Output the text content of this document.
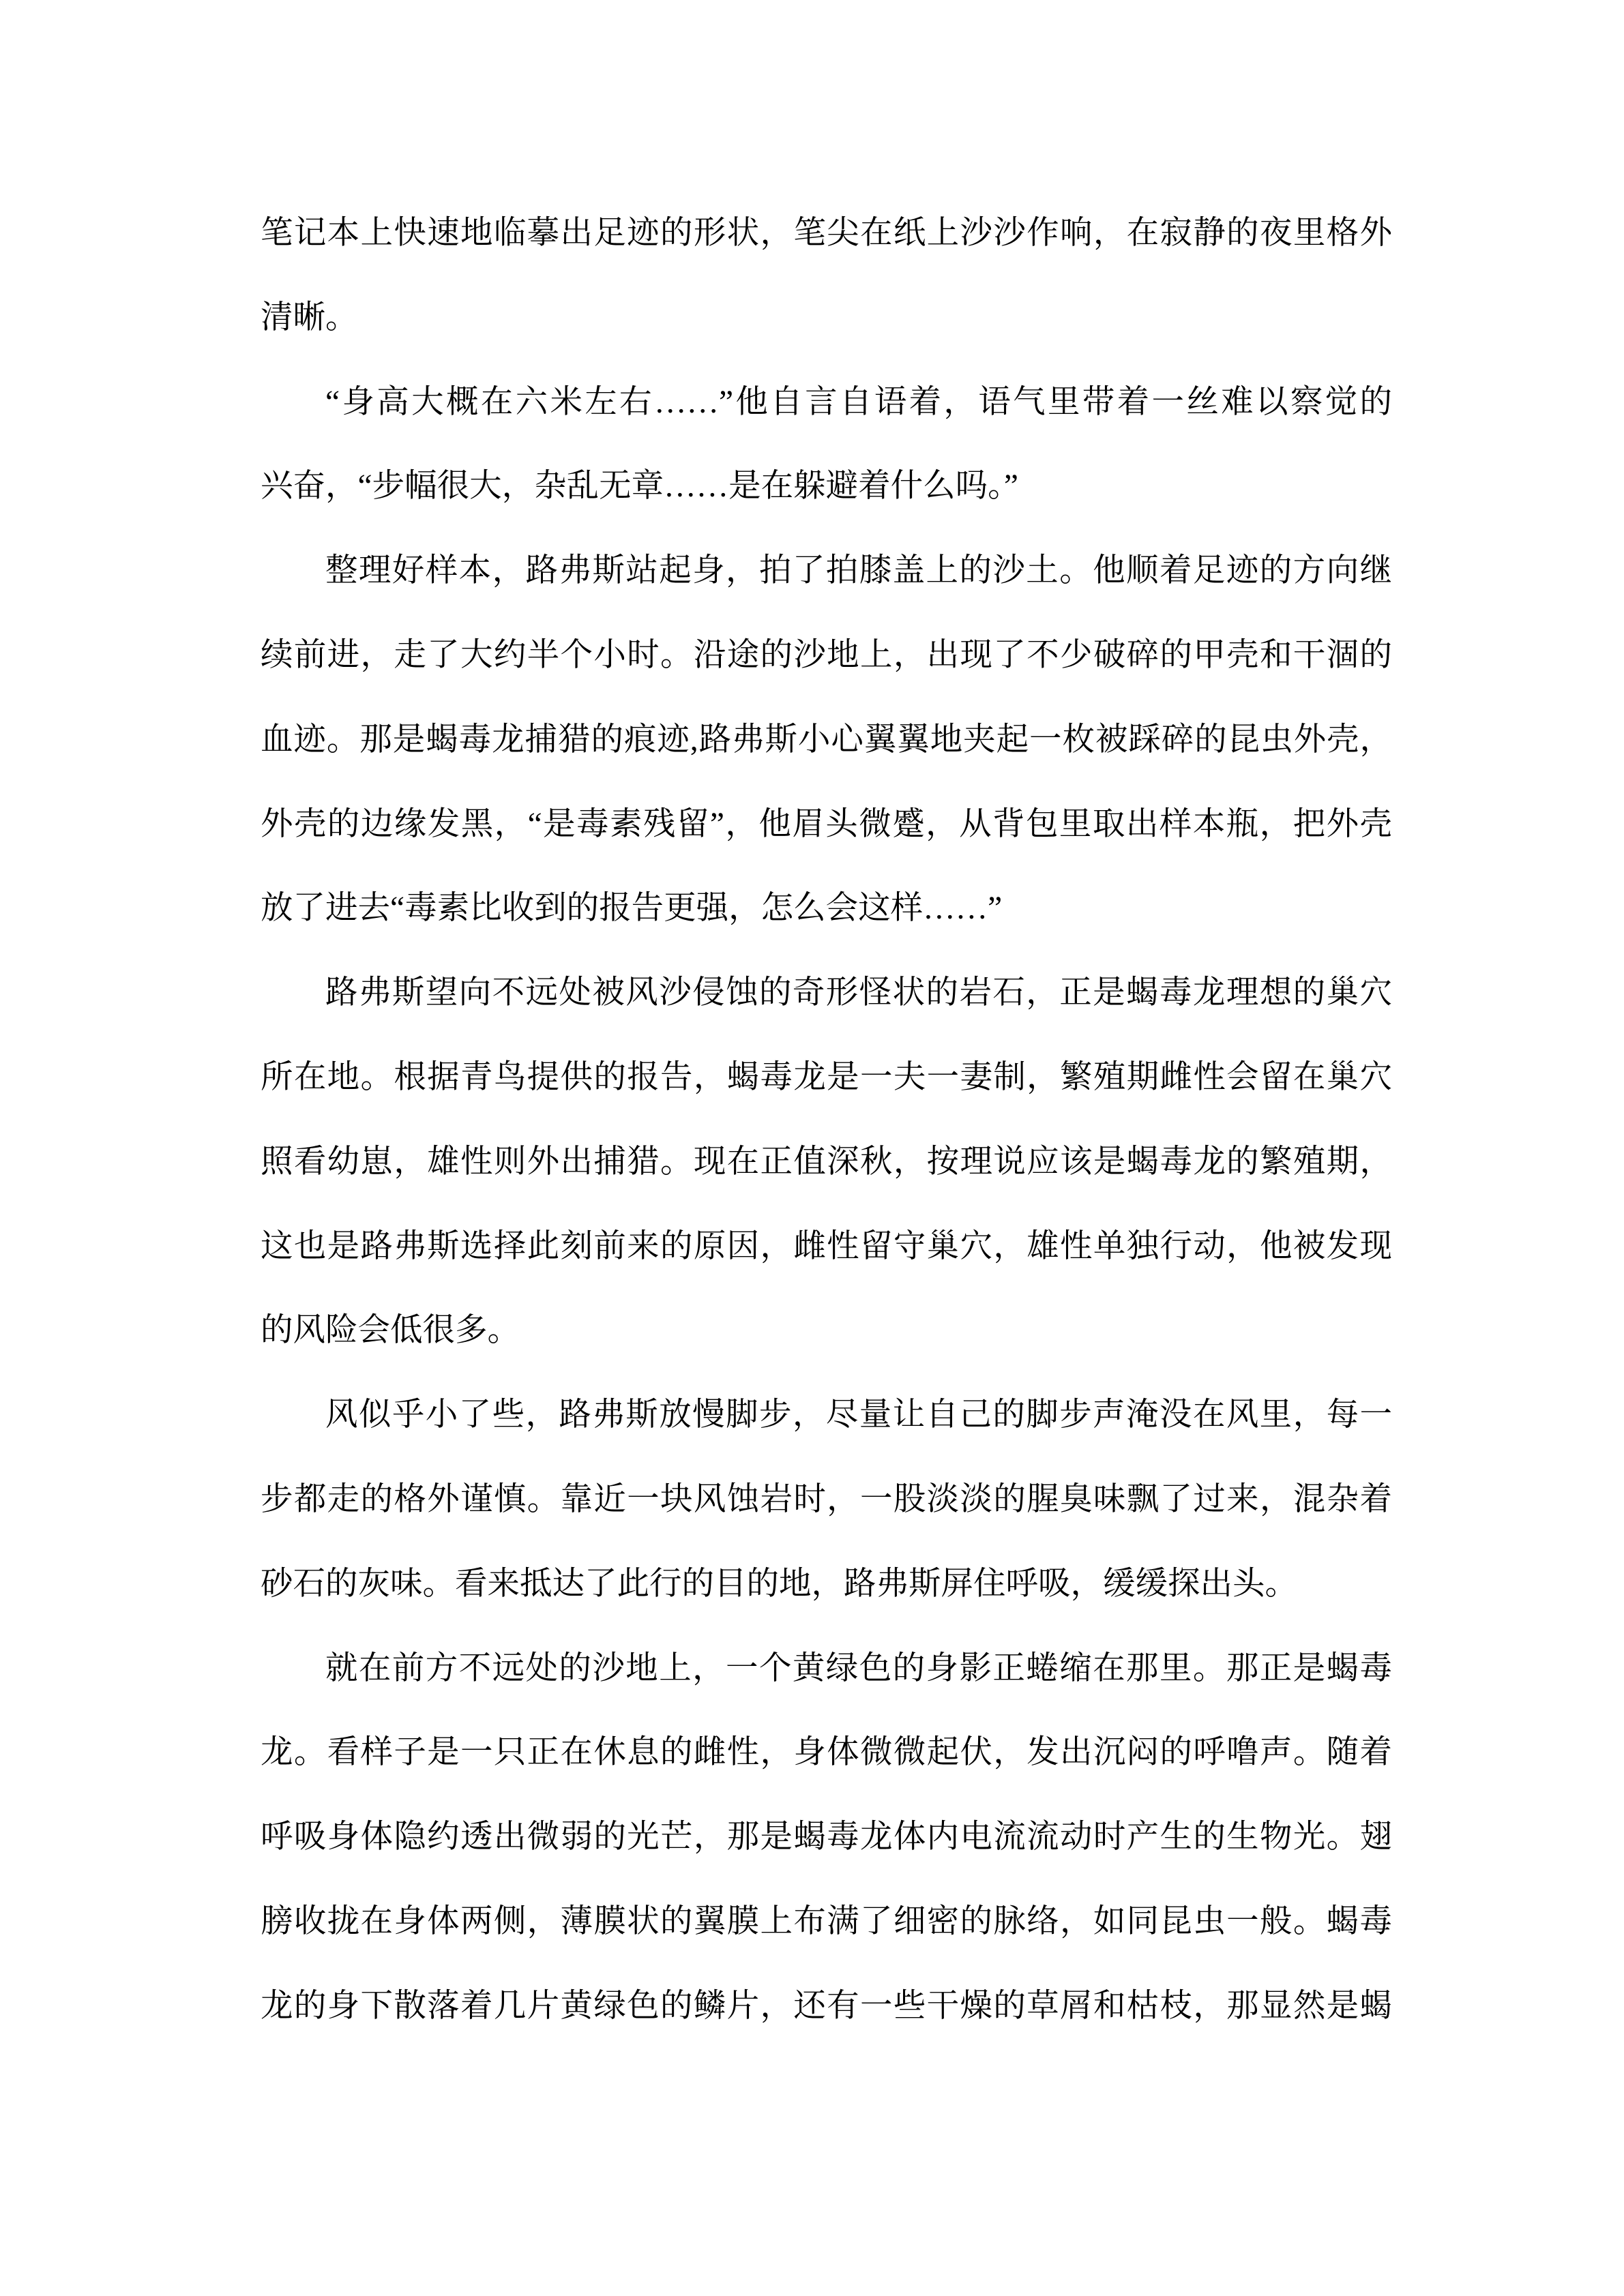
笔记本上快速地临摹出足迹的形状，笔尖在纸上沙沙作响，在寂静的夜里格外
清晰。
“身高大概在六米左右……”他自言自语着，语气里带着一丝难以察觉的
兴奋，“步幅很大，杂乱无章……是在躲避着什么吗。”
整理好样本，路弗斯站起身，拍了拍膝盖上的沙土。他顺着足迹的方向继
续前进，走了大约半个小时。沿途的沙地上，出现了不少破碎的甲壳和干涸的
血迹。那是蝎毒龙捕猎的痕迹,路弗斯小心翼翼地夹起一枚被踩碎的昆虫外壳，
外壳的边缘发黑，“是毒素残留”，他眉头微蹙，从背包里取出样本瓶，把外壳
放了进去“毒素比收到的报告更强，怎么会这样……”
路弗斯望向不远处被风沙侵蚀的奇形怪状的岩石，正是蝎毒龙理想的巢穴
所在地。根据青鸟提供的报告，蝎毒龙是一夫一妻制，繁殖期雌性会留在巢穴
照看幼崽，雄性则外出捕猎。现在正值深秋，按理说应该是蝎毒龙的繁殖期，
这也是路弗斯选择此刻前来的原因，雌性留守巢穴，雄性单独行动，他被发现
的风险会低很多。
风似乎小了些，路弗斯放慢脚步，尽量让自己的脚步声淹没在风里，每一
步都走的格外谨慎。靠近一块风蚀岩时，一股淡淡的腥臭味飘了过来，混杂着
砂石的灰味。看来抵达了此行的目的地，路弗斯屏住呼吸，缓缓探出头。
就在前方不远处的沙地上，一个黄绿色的身影正蜷缩在那里。那正是蝎毒
龙。看样子是一只正在休息的雌性，身体微微起伏，发出沉闷的呼噜声。随着
呼吸身体隐约透出微弱的光芒，那是蝎毒龙体内电流流动时产生的生物光。翅
膀收拢在身体两侧，薄膜状的翼膜上布满了细密的脉络，如同昆虫一般。蝎毒
龙的身下散落着几片黄绿色的鳞片，还有一些干燥的草屑和枯枝，那显然是蝎
